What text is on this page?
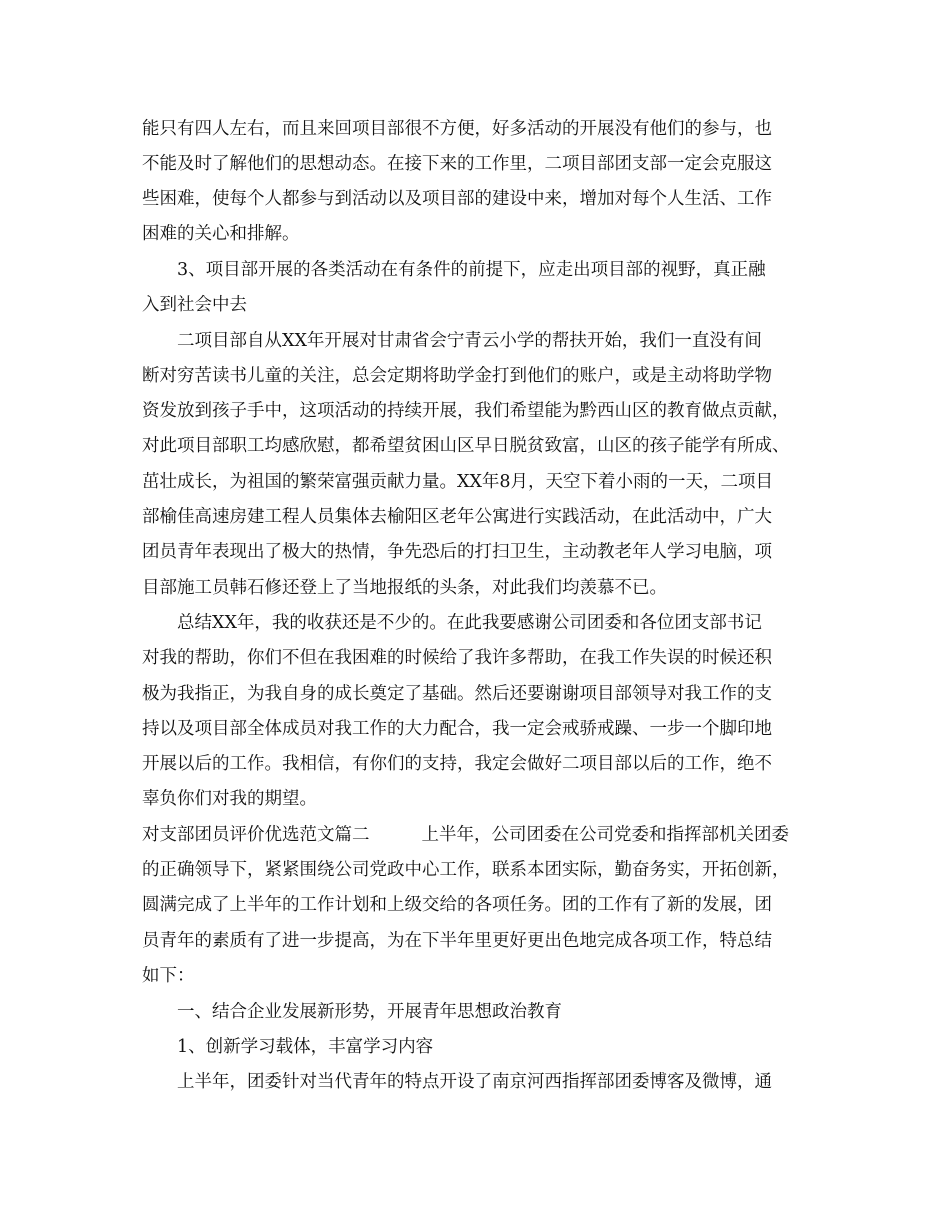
能只有四人左右，而且来回项目部很不方便，好多活动的开展没有他们的参与，也

不能及时了解他们的思想动态。在接下来的工作里，二项目部团支部一定会克服这

些困难，使每个人都参与到活动以及项目部的建设中来，增加对每个人生活、工作

困难的关心和排解。

3、项目部开展的各类活动在有条件的前提下，应走出项目部的视野，真正融

入到社会中去

二项目部自从XX年开展对甘肃省会宁青云小学的帮扶开始，我们一直没有间

断对穷苦读书儿童的关注，总会定期将助学金打到他们的账户，或是主动将助学物

资发放到孩子手中，这项活动的持续开展，我们希望能为黔西山区的教育做点贡献，

对此项目部职工均感欣慰，都希望贫困山区早日脱贫致富，山区的孩子能学有所成、

茁壮成长，为祖国的繁荣富强贡献力量。XX年8月，天空下着小雨的一天，二项目

部榆佳高速房建工程人员集体去榆阳区老年公寓进行实践活动，在此活动中，广大

团员青年表现出了极大的热情，争先恐后的打扫卫生，主动教老年人学习电脑，项

目部施工员韩石修还登上了当地报纸的头条，对此我们均羡慕不已。

总结XX年，我的收获还是不少的。在此我要感谢公司团委和各位团支部书记

对我的帮助，你们不但在我困难的时候给了我许多帮助，在我工作失误的时候还积

极为我指正，为我自身的成长奠定了基础。然后还要谢谢项目部领导对我工作的支

持以及项目部全体成员对我工作的大力配合，我一定会戒骄戒躁、一步一个脚印地

开展以后的工作。我相信，有你们的支持，我定会做好二项目部以后的工作，绝不

辜负你们对我的期望。

对支部团员评价优选范文篇二	上半年，公司团委在公司党委和指挥部机关团委

的正确领导下，紧紧围绕公司党政中心工作，联系本团实际，勤奋务实，开拓创新，

圆满完成了上半年的工作计划和上级交给的各项任务。团的工作有了新的发展，团

员青年的素质有了进一步提高，为在下半年里更好更出色地完成各项工作，特总结

如下：

一、结合企业发展新形势，开展青年思想政治教育

1、创新学习载体，丰富学习内容

上半年，团委针对当代青年的特点开设了南京河西指挥部团委博客及微博，通
